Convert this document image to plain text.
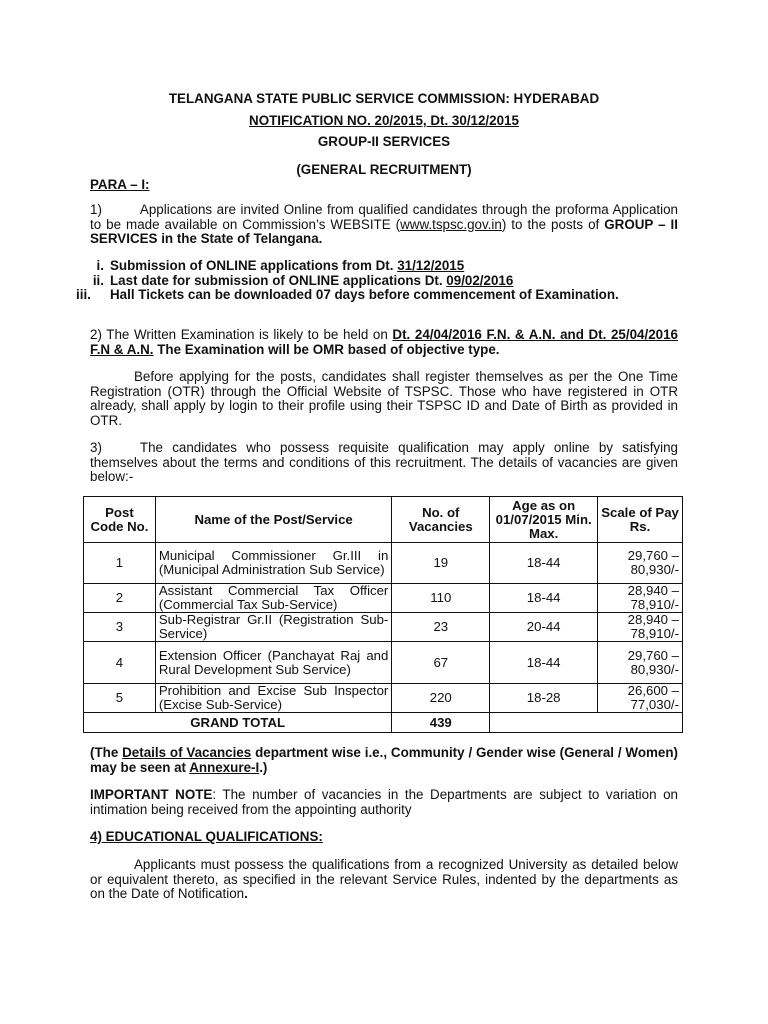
TELANGANA STATE PUBLIC SERVICE COMMISSION: HYDERABAD
NOTIFICATION NO. 20/2015, Dt. 30/12/2015
GROUP-II SERVICES
(GENERAL RECRUITMENT)
PARA – I:
1)	Applications are invited Online from qualified candidates through the proforma Application to be made available on Commission’s WEBSITE (www.tspsc.gov.in) to the posts of GROUP – II SERVICES in the State of Telangana.
i. Submission of ONLINE applications from Dt. 31/12/2015
ii. Last date for submission of ONLINE applications Dt. 09/02/2016
iii.	Hall Tickets can be downloaded 07 days before commencement of Examination.
2) The Written Examination is likely to be held on Dt. 24/04/2016 F.N. & A.N. and Dt. 25/04/2016 F.N & A.N. The Examination will be OMR based of objective type.
Before applying for the posts, candidates shall register themselves as per the One Time Registration (OTR) through the Official Website of TSPSC. Those who have registered in OTR already, shall apply by login to their profile using their TSPSC ID and Date of Birth as provided in OTR.
3)	The candidates who possess requisite qualification may apply online by satisfying themselves about the terms and conditions of this recruitment. The details of vacancies are given below:-
Post Code No.	Name of the Post/Service	No. of Vacancies	Age as on 01/07/2015 Min. Max.	Scale of Pay Rs.
1	Municipal Commissioner Gr.III in (Municipal Administration Sub Service)	19	18-44	29,760 –
80,930/-

2	Assistant Commercial Tax Officer (Commercial Tax Sub-Service)	110	18-44	28,940 –
78,910/-

3	Sub-Registrar Gr.II (Registration Sub-Service)	23	20-44	28,940 –
78,910/-

4	Extension Officer (Panchayat Raj and Rural Development Sub Service)	67	18-44	29,760 –
80,930/-

5	Prohibition and Excise Sub Inspector (Excise Sub-Service)	220	18-28	26,600 –
77,030/-

GRAND TOTAL		439		
(The Details of Vacancies department wise i.e., Community / Gender wise (General / Women) may be seen at Annexure-I.)
IMPORTANT NOTE: The number of vacancies in the Departments are subject to variation on intimation being received from the appointing authority
4) EDUCATIONAL QUALIFICATIONS:
Applicants must possess the qualifications from a recognized University as detailed below or equivalent thereto, as specified in the relevant Service Rules, indented by the departments as on the Date of Notification.
